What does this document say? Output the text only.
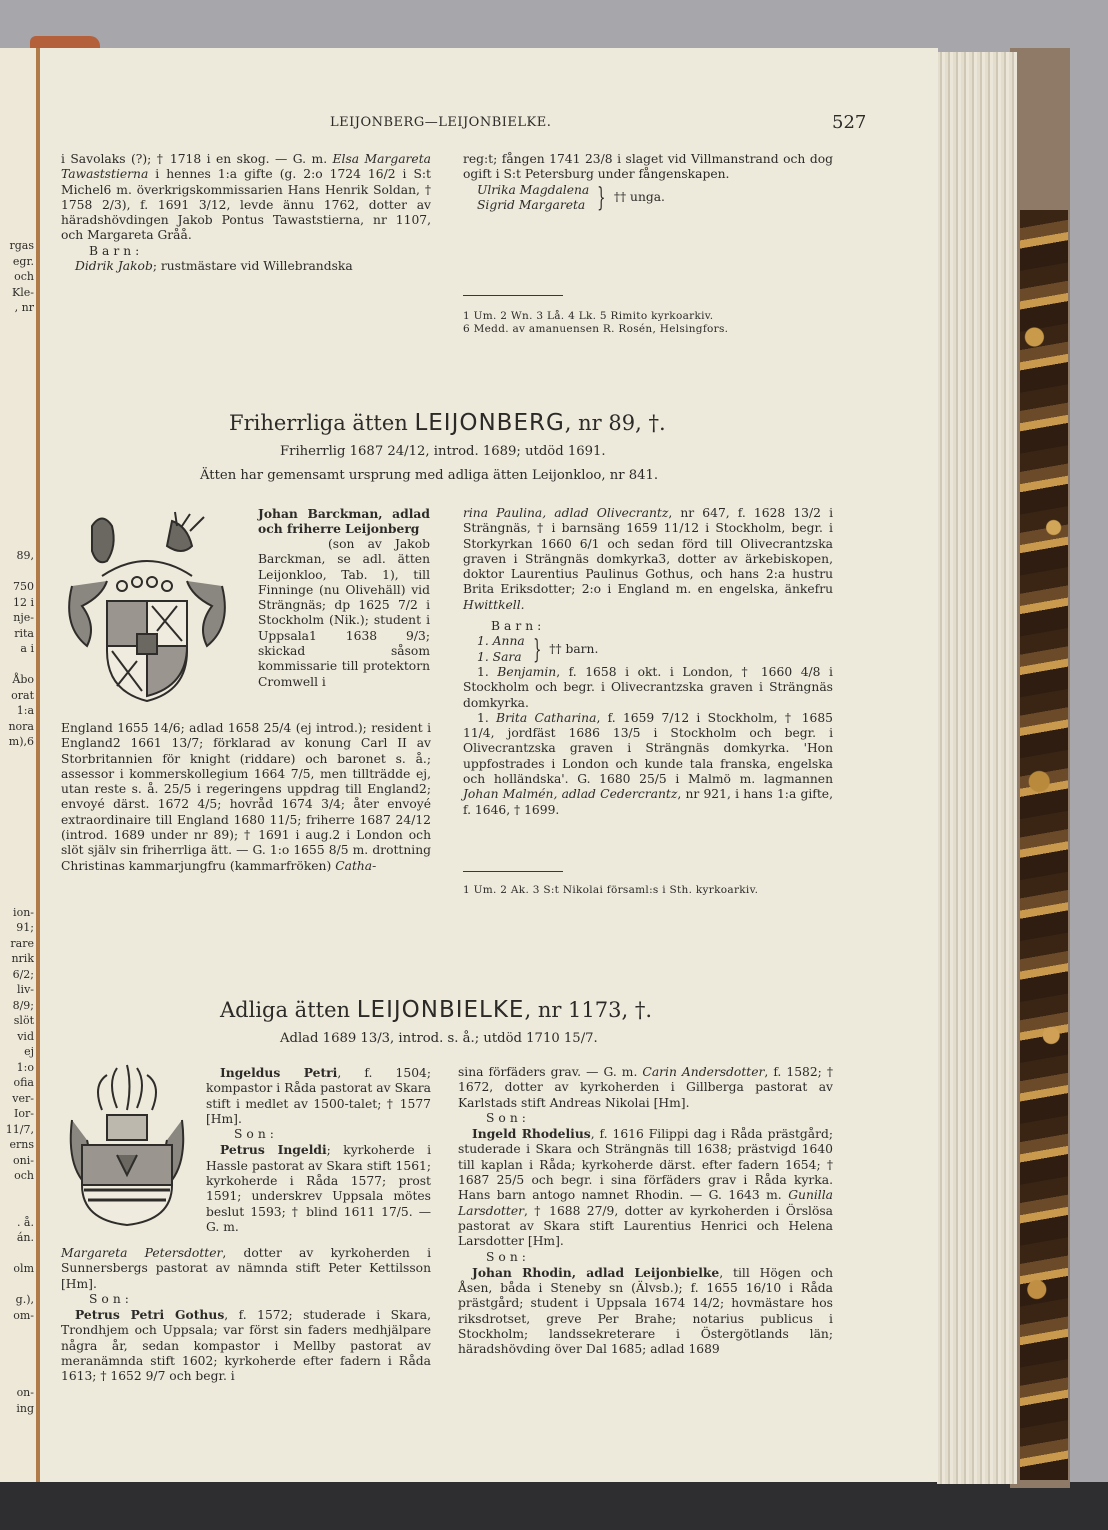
rgas
egr.
och
Kle-
, nr

89,

750
12 i
nje-
rita
a i

Åbo
orat
1:a
nora
m),6

ion-
91;
rare
nrik
6/2;
liv-
8/9;
slöt
vid
ej
1:o
ofia
ver-
Ior-
11/7,
erns
oni-
och

. å.
án.

olm

g.),
om-

on-
ing
LEIJONBERG—LEIJONBIELKE.	527

i Savolaks (?); † 1718 i en skog. — G. m. Elsa Margareta Tawaststierna i hennes 1:a gifte (g. 2:o 1724 16/2 i S:t Michel6 m. överkrigskommissarien Hans Henrik Soldan, † 1758 2/3), f. 1691 3/12, levde ännu 1762, dotter av häradshövdingen Jakob Pontus Tawaststierna, nr 1107, och Margareta Gråå.

Barn:

Didrik Jakob; rustmästare vid Willebrandska

reg:t; fången 1741 23/8 i slaget vid Villmanstrand och dog ogift i S:t Petersburg under fångenskapen.

Ulrika Magdalena
Sigrid Margareta } †† unga.
1 Um. 2 Wn. 3 Lå. 4 Lk. 5 Rimito kyrkoarkiv.
6 Medd. av amanuensen R. Rosén, Helsingfors.
Friherrliga ätten LEIJONBERG, nr 89, †.
Friherrlig 1687 24/12, introd. 1689; utdöd 1691.
Ätten har gemensamt ursprung med adliga ätten Leijonkloo, nr 841.
Johan Barckman, adlad och friherre Leijonberg

(son av Jakob Barckman, se adl. ätten Leijonkloo, Tab. 1), till Finninge (nu Olivehäll) vid Strängnäs; dp 1625 7/2 i Stockholm (Nik.); student i Uppsala1 1638 9/3; skickad såsom kommissarie till protektorn Cromwell i

England 1655 14/6; adlad 1658 25/4 (ej introd.); resident i England2 1661 13/7; förklarad av konung Carl II av Storbritannien för knight (riddare) och baronet s. å.; assessor i kommerskollegium 1664 7/5, men tillträdde ej, utan reste s. å. 25/5 i regeringens uppdrag till England2; envoyé därst. 1672 4/5; hovråd 1674 3/4; åter envoyé extraordinaire till England 1680 11/5; friherre 1687 24/12 (introd. 1689 under nr 89); † 1691 i aug.2 i London och slöt själv sin friherrliga ätt. — G. 1:o 1655 8/5 m. drottning Christinas kammarjungfru (kammarfröken) Catha-

rina Paulina, adlad Olivecrantz, nr 647, f. 1628 13/2 i Strängnäs, † i barnsäng 1659 11/12 i Stockholm, begr. i Storkyrkan 1660 6/1 och sedan förd till Olivecrantzska graven i Strängnäs domkyrka3, dotter av ärkebiskopen, doktor Laurentius Paulinus Gothus, och hans 2:a hustru Brita Eriksdotter; 2:o i England m. en engelska, änkefru Hwittkell.

Barn:

1. Anna
1. Sara } †† barn.

1. Benjamin, f. 1658 i okt. i London, † 1660 4/8 i Stockholm och begr. i Olivecrantzska graven i Strängnäs domkyrka.

1. Brita Catharina, f. 1659 7/12 i Stockholm, † 1685 11/4, jordfäst 1686 13/5 i Stockholm och begr. i Olivecrantzska graven i Strängnäs domkyrka. 'Hon uppfostrades i London och kunde tala franska, engelska och holländska'. G. 1680 25/5 i Malmö m. lagmannen Johan Malmén, adlad Cedercrantz, nr 921, i hans 1:a gifte, f. 1646, † 1699.

1 Um. 2 Ak. 3 S:t Nikolai församl:s i Sth. kyrkoarkiv.
Adliga ätten LEIJONBIELKE, nr 1173, †.
Adlad 1689 13/3, introd. s. å.; utdöd 1710 15/7.

Ingeldus Petri, f. 1504; kompastor i Råda pastorat av Skara stift i medlet av 1500-talet; † 1577 [Hm].

Son:

Petrus Ingeldi; kyrkoherde i Hassle pastorat av Skara stift 1561; kyrkoherde i Råda 1577; prost 1591; underskrev Uppsala mötes beslut 1593; † blind 1611 17/5. — G. m.

Margareta Petersdotter, dotter av kyrkoherden i Sunnersbergs pastorat av nämnda stift Peter Kettilsson [Hm].

Son:

Petrus Petri Gothus, f. 1572; studerade i Skara, Trondhjem och Uppsala; var först sin faders medhjälpare några år, sedan kompastor i Mellby pastorat av meranämnda stift 1602; kyrkoherde efter fadern i Råda 1613; † 1652 9/7 och begr. i

sina förfäders grav. — G. m. Carin Andersdotter, f. 1582; † 1672, dotter av kyrkoherden i Gillberga pastorat av Karlstads stift Andreas Nikolai [Hm].

Son:

Ingeld Rhodelius, f. 1616 Filippi dag i Råda prästgård; studerade i Skara och Strängnäs till 1638; prästvigd 1640 till kaplan i Råda; kyrkoherde därst. efter fadern 1654; † 1687 25/5 och begr. i sina förfäders grav i Råda kyrka. Hans barn antogo namnet Rhodin. — G. 1643 m. Gunilla Larsdotter, † 1688 27/9, dotter av kyrkoherden i Örslösa pastorat av Skara stift Laurentius Henrici och Helena Larsdotter [Hm].

Son:

Johan Rhodin, adlad Leijonbielke, till Högen och Åsen, båda i Steneby sn (Älvsb.); f. 1655 16/10 i Råda prästgård; student i Uppsala 1674 14/2; hovmästare hos riksdrotset, greve Per Brahe; notarius publicus i Stockholm; landssekreterare i Östergötlands län; häradshövding över Dal 1685; adlad 1689
